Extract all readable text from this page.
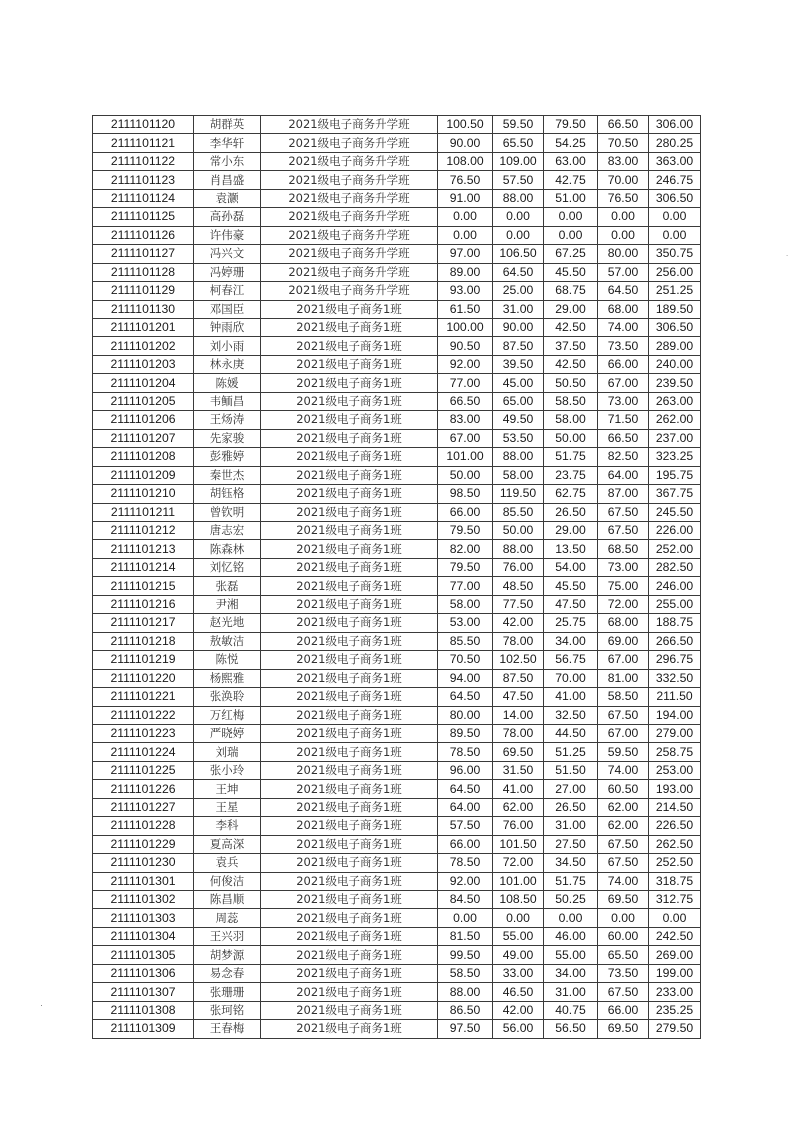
2111101120	胡群英	2021级电子商务升学班	100.50	59.50	79.50	66.50	306.00
2111101121	李华轩	2021级电子商务升学班	90.00	65.50	54.25	70.50	280.25
2111101122	常小东	2021级电子商务升学班	108.00	109.00	63.00	83.00	363.00
2111101123	肖昌盛	2021级电子商务升学班	76.50	57.50	42.75	70.00	246.75
2111101124	袁灏	2021级电子商务升学班	91.00	88.00	51.00	76.50	306.50
2111101125	高孙磊	2021级电子商务升学班	0.00	0.00	0.00	0.00	0.00
2111101126	许伟豪	2021级电子商务升学班	0.00	0.00	0.00	0.00	0.00
2111101127	冯兴文	2021级电子商务升学班	97.00	106.50	67.25	80.00	350.75
2111101128	冯婷珊	2021级电子商务升学班	89.00	64.50	45.50	57.00	256.00
2111101129	柯春江	2021级电子商务升学班	93.00	25.00	68.75	64.50	251.25
2111101130	邓国臣	2021级电子商务1班	61.50	31.00	29.00	68.00	189.50
2111101201	钟雨欣	2021级电子商务1班	100.00	90.00	42.50	74.00	306.50
2111101202	刘小雨	2021级电子商务1班	90.50	87.50	37.50	73.50	289.00
2111101203	林永庚	2021级电子商务1班	92.00	39.50	42.50	66.00	240.00
2111101204	陈媛	2021级电子商务1班	77.00	45.00	50.50	67.00	239.50
2111101205	韦鲕昌	2021级电子商务1班	66.50	65.00	58.50	73.00	263.00
2111101206	王炀涛	2021级电子商务1班	83.00	49.50	58.00	71.50	262.00
2111101207	先家骏	2021级电子商务1班	67.00	53.50	50.00	66.50	237.00
2111101208	彭雅婷	2021级电子商务1班	101.00	88.00	51.75	82.50	323.25
2111101209	秦世杰	2021级电子商务1班	50.00	58.00	23.75	64.00	195.75
2111101210	胡钰格	2021级电子商务1班	98.50	119.50	62.75	87.00	367.75
2111101211	曾钦明	2021级电子商务1班	66.00	85.50	26.50	67.50	245.50
2111101212	唐志宏	2021级电子商务1班	79.50	50.00	29.00	67.50	226.00
2111101213	陈森林	2021级电子商务1班	82.00	88.00	13.50	68.50	252.00
2111101214	刘忆铭	2021级电子商务1班	79.50	76.00	54.00	73.00	282.50
2111101215	张磊	2021级电子商务1班	77.00	48.50	45.50	75.00	246.00
2111101216	尹湘	2021级电子商务1班	58.00	77.50	47.50	72.00	255.00
2111101217	赵光地	2021级电子商务1班	53.00	42.00	25.75	68.00	188.75
2111101218	敖敏洁	2021级电子商务1班	85.50	78.00	34.00	69.00	266.50
2111101219	陈悦	2021级电子商务1班	70.50	102.50	56.75	67.00	296.75
2111101220	杨熙雅	2021级电子商务1班	94.00	87.50	70.00	81.00	332.50
2111101221	张涣聆	2021级电子商务1班	64.50	47.50	41.00	58.50	211.50
2111101222	万红梅	2021级电子商务1班	80.00	14.00	32.50	67.50	194.00
2111101223	严晓婷	2021级电子商务1班	89.50	78.00	44.50	67.00	279.00
2111101224	刘瑞	2021级电子商务1班	78.50	69.50	51.25	59.50	258.75
2111101225	张小玲	2021级电子商务1班	96.00	31.50	51.50	74.00	253.00
2111101226	王坤	2021级电子商务1班	64.50	41.00	27.00	60.50	193.00
2111101227	王星	2021级电子商务1班	64.00	62.00	26.50	62.00	214.50
2111101228	李科	2021级电子商务1班	57.50	76.00	31.00	62.00	226.50
2111101229	夏高深	2021级电子商务1班	66.00	101.50	27.50	67.50	262.50
2111101230	袁兵	2021级电子商务1班	78.50	72.00	34.50	67.50	252.50
2111101301	何俊洁	2021级电子商务1班	92.00	101.00	51.75	74.00	318.75
2111101302	陈昌顺	2021级电子商务1班	84.50	108.50	50.25	69.50	312.75
2111101303	周蕊	2021级电子商务1班	0.00	0.00	0.00	0.00	0.00
2111101304	王兴羽	2021级电子商务1班	81.50	55.00	46.00	60.00	242.50
2111101305	胡梦源	2021级电子商务1班	99.50	49.00	55.00	65.50	269.00
2111101306	易念春	2021级电子商务1班	58.50	33.00	34.00	73.50	199.00
2111101307	张珊珊	2021级电子商务1班	88.00	46.50	31.00	67.50	233.00
2111101308	张珂铭	2021级电子商务1班	86.50	42.00	40.75	66.00	235.25
2111101309	王春梅	2021级电子商务1班	97.50	56.00	56.50	69.50	279.50
˙
·
